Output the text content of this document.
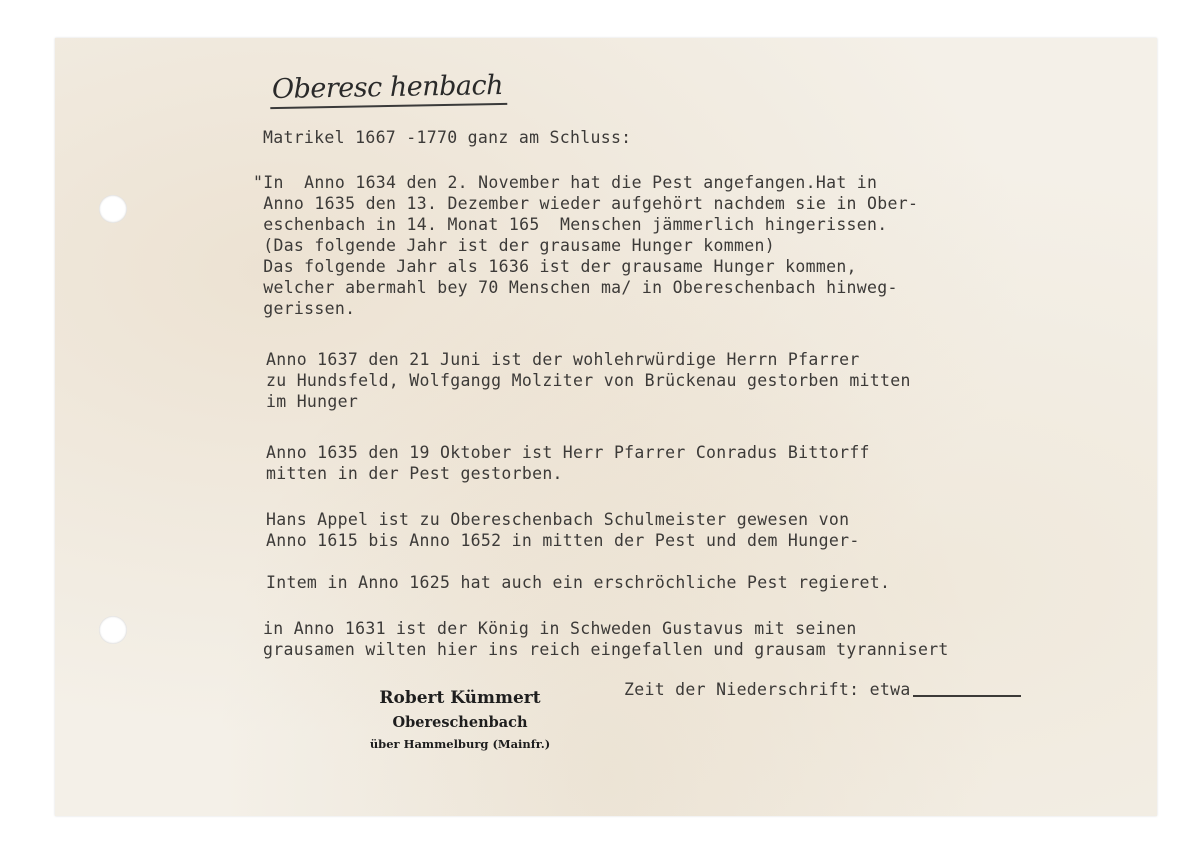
Oberesc henbach
Matrikel 1667 -1770 ganz am Schluss:
"In  Anno 1634 den 2. November hat die Pest angefangen.Hat in
Anno 1635 den 13. Dezember wieder aufgehört nachdem sie in Ober-
eschenbach in 14. Monat 165  Menschen jämmerlich hingerissen.
(Das folgende Jahr ist der grausame Hunger kommen)
Das folgende Jahr als 1636 ist der grausame Hunger kommen,
welcher abermahl bey 70 Menschen ma/ in Obereschenbach hinweg-
gerissen.
Anno 1637 den 21 Juni ist der wohlehrwürdige Herrn Pfarrer
zu Hundsfeld, Wolfgangg Molziter von Brückenau gestorben mitten
im Hunger
Anno 1635 den 19 Oktober ist Herr Pfarrer Conradus Bittorff
mitten in der Pest gestorben.
Hans Appel ist zu Obereschenbach Schulmeister gewesen von
Anno 1615 bis Anno 1652 in mitten der Pest und dem Hunger-
Intem in Anno 1625 hat auch ein erschröchliche Pest regieret.
in Anno 1631 ist der König in Schweden Gustavus mit seinen
grausamen wilten hier ins reich eingefallen und grausam tyrannisert
Robert Kümmert
Obereschenbach
über Hammelburg (Mainfr.)
Zeit der Niederschrift: etwa
